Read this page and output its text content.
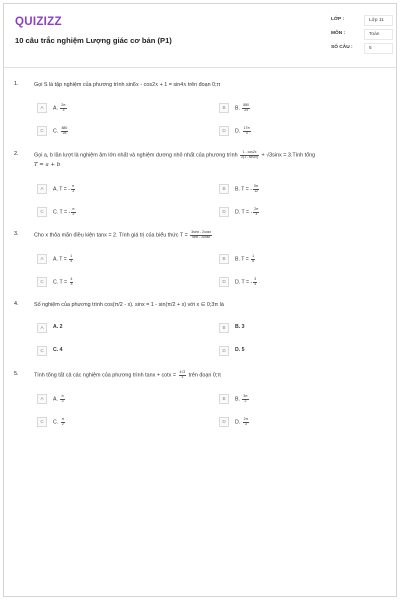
QUIZIZZ
10 câu trắc nghiệm Lượng giác cơ bản (P1)
LỚP :	Lớp 11
MÔN :	Toán
SỐ CÂU :	5
1.	Gọi S là tập nghiệm của phương trình sin6x - cos2x + 1 = sin4x trên đoạn 0;π
A	A. $\frac{2\pi}{3}$	B	B. $\frac{880}{24}$
C	C. $\frac{880}{25}$	D	D. $\frac{17\pi}{3}$
2.	Gọi a, b lần lượt là nghiệm âm lớn nhất và nghiệm dương nhỏ nhất của phương trình $\frac{1 - \cos 2x}{2(1 - \sin 2x)} + √3\sin x$ = 3.Tính tổng
T = a + b
A	A. T = - $\frac{\pi}{3}$	B	B. T = - $\frac{5\pi}{12}$
C	C. T = - $\frac{\pi}{2}$	D	D. T = - $\frac{2\pi}{3}$
3.	Cho x thỏa mãn điều kiện tanx = 2. Tính giá trị của biểu thức $T = \frac{3\sin x - 2\cos x}{\sin x - 2\cos x}$
A	A. $T = \frac{1}{4}$	B	B. $T = \frac{1}{6}$
C	C. $T = \frac{4}{3}$	D	D. T = - $\frac{3}{4}$
4.	Số nghiệm của phương trình cos(π/2 - x). sinx = 1 - sin(π/2 + x) với x ∈ 0;3π là
A	A. 2	B	B. 3
C	C. 4	D	D. 5
5.	Tính tổng tất cả các nghiệm của phương trình $\tan x + \cot x = \frac{4√3}{3}$ trên đoạn 0;π
A	A. $\frac{\pi}{3}$	B	B. $\frac{3\pi}{2}$
C	C. $\frac{\pi}{2}$	D	D. $\frac{2\pi}{3}$
